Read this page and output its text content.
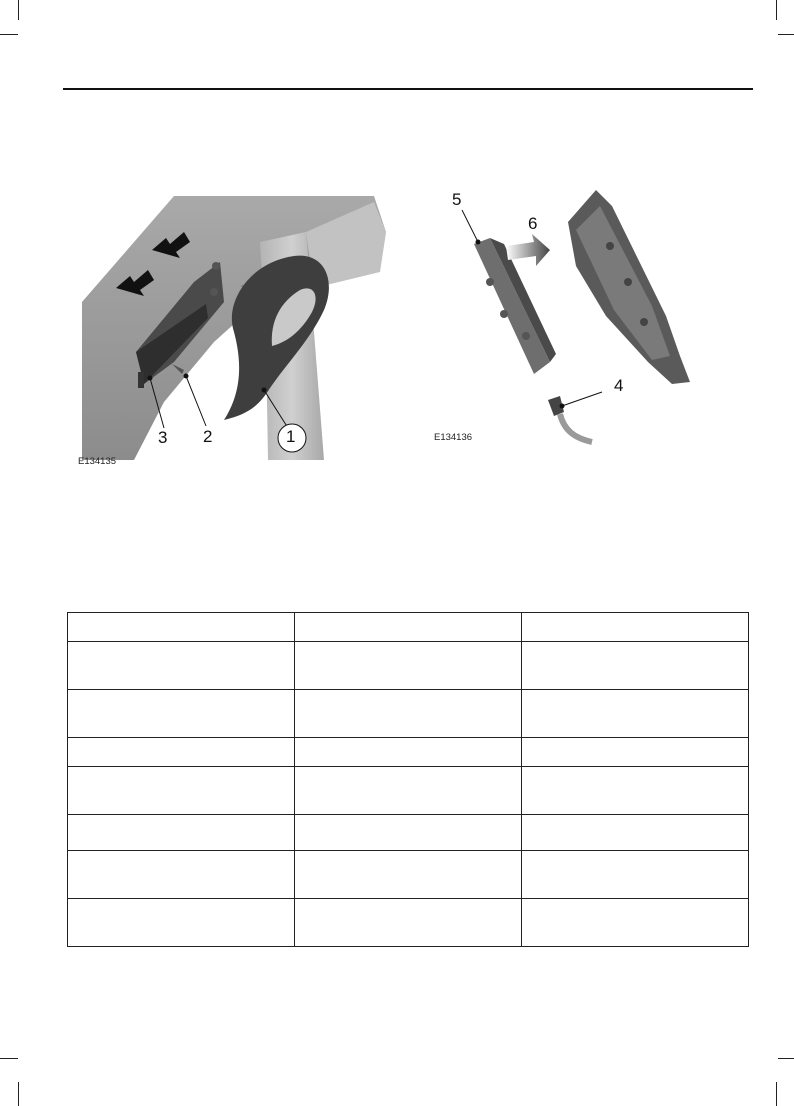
1
2
3
E134135
4
5
6
E134136
